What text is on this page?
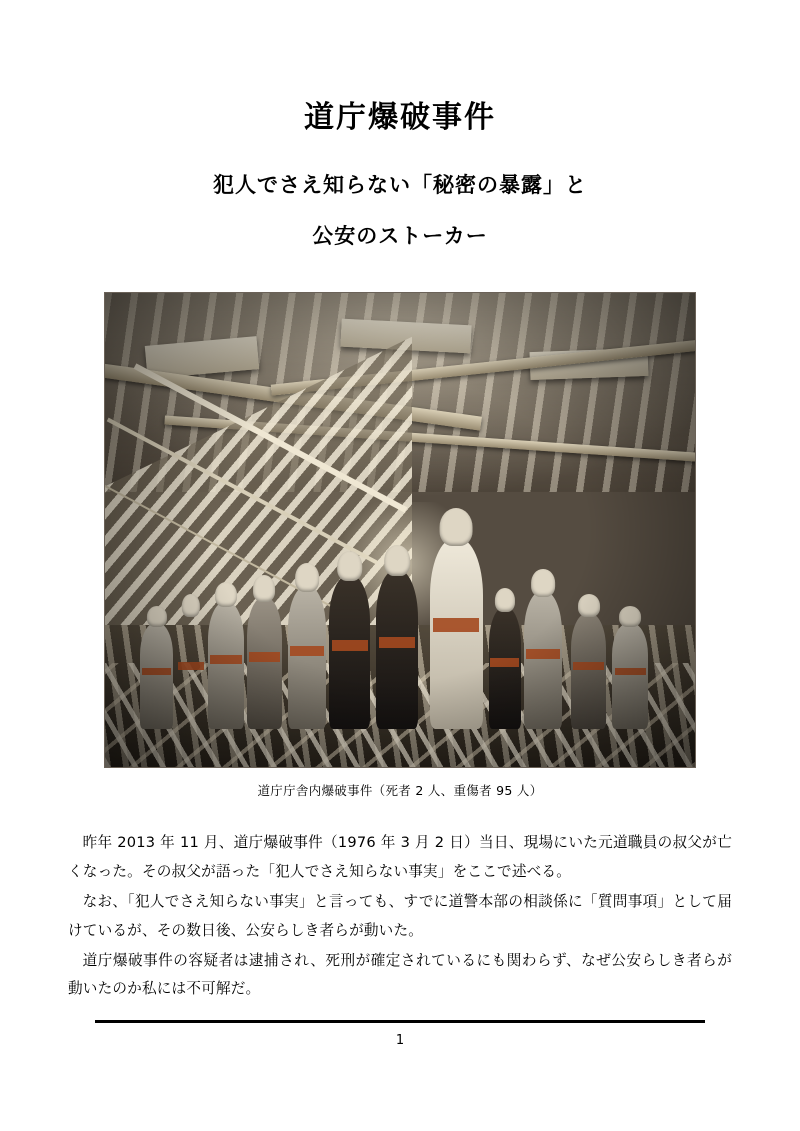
道庁爆破事件
犯人でさえ知らない「秘密の暴露」と
公安のストーカー
道庁庁舎内爆破事件（死者 2 人、重傷者 95 人）

昨年 2013 年 11 月、道庁爆破事件（1976 年 3 月 2 日）当日、現場にいた元道職員の叔父が亡くなった。その叔父が語った「犯人でさえ知らない事実」をここで述べる。

なお、「犯人でさえ知らない事実」と言っても、すでに道警本部の相談係に「質問事項」として届けているが、その数日後、公安らしき者らが動いた。

道庁爆破事件の容疑者は逮捕され、死刑が確定されているにも関わらず、なぜ公安らしき者らが動いたのか私には不可解だ。

1
